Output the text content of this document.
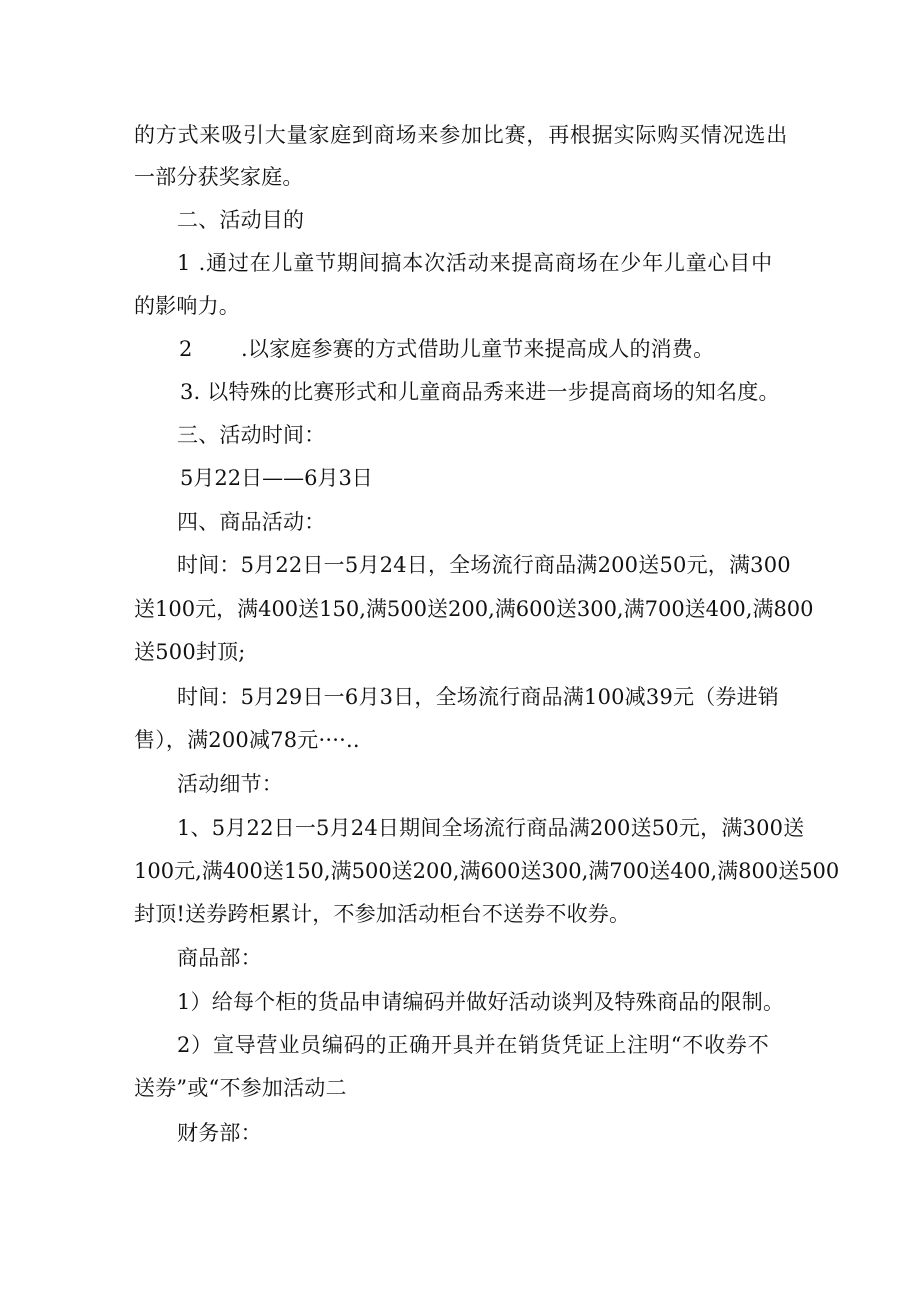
的方式来吸引大量家庭到商场来参加比赛，再根据实际购买情况选出
一部分获奖家庭。
二、活动目的
1 .通过在儿童节期间搞本次活动来提高商场在少年儿童心目中
的影响力。
2 .以家庭参赛的方式借助儿童节来提高成人的消费。
3. 以特殊的比赛形式和儿童商品秀来进一步提高商场的知名度。
三、活动时间：
5月22日——6月3日
四、商品活动：
时间：5月22日一5月24日，全场流行商品满200送50元，满300
送100元，满400送150,满500送200,满600送300,满700送400,满800
送500封顶;
时间：5月29日一6月3日，全场流行商品满100减39元（券进销
售），满200减78元····..
活动细节：
1、5月22日一5月24日期间全场流行商品满200送50元，满300送
100元,满400送150,满500送200,满600送300,满700送400,满800送500
封顶!送券跨柜累计，不参加活动柜台不送券不收券。
商品部：
1）给每个柜的货品申请编码并做好活动谈判及特殊商品的限制。
2）宣导营业员编码的正确开具并在销货凭证上注明“不收券不
送券”或“不参加活动二
财务部：
